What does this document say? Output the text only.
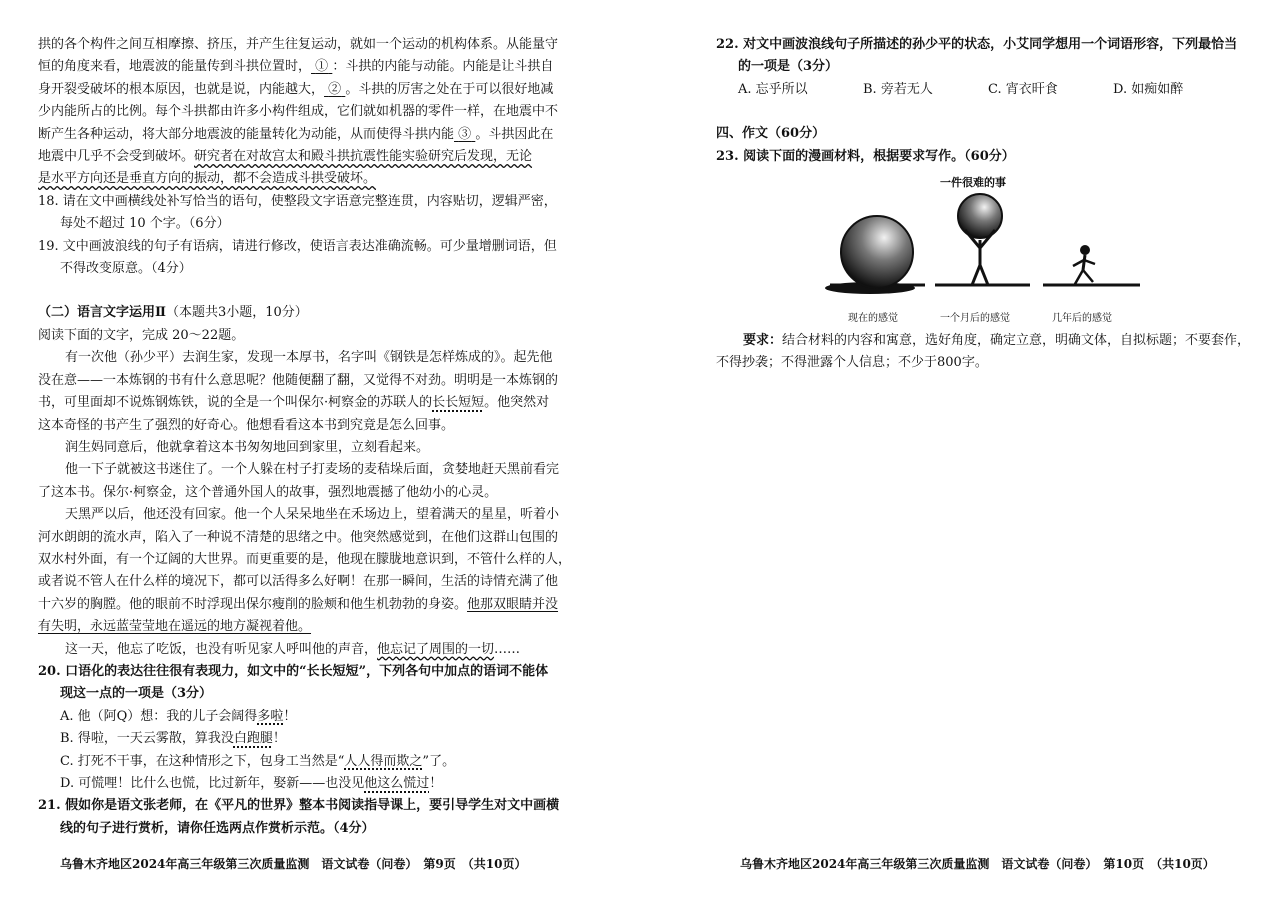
拱的各个构件之间互相摩擦、挤压，并产生往复运动，就如一个运动的机构体系。从能量守
恒的角度来看，地震波的能量传到斗拱位置时， ① ：斗拱的内能与动能。内能是让斗拱自
身开裂受破坏的根本原因，也就是说，内能越大， ② 。斗拱的厉害之处在于可以很好地减
少内能所占的比例。每个斗拱都由许多小构件组成，它们就如机器的零件一样，在地震中不
断产生各种运动，将大部分地震波的能量转化为动能，从而使得斗拱内能 ③ 。斗拱因此在
地震中几乎不会受到破坏。研究者在对故宫太和殿斗拱抗震性能实验研究后发现，无论
是水平方向还是垂直方向的振动，都不会造成斗拱受破坏。
18. 请在文中画横线处补写恰当的语句，使整段文字语意完整连贯，内容贴切，逻辑严密，
每处不超过 10 个字。（6分）
19. 文中画波浪线的句子有语病，请进行修改，使语言表达准确流畅。可少量增删词语，但
不得改变原意。（4分）
（二）语言文字运用Ⅱ（本题共3小题，10分）
阅读下面的文字，完成 20～22题。
有一次他（孙少平）去润生家，发现一本厚书，名字叫《钢铁是怎样炼成的》。起先他
没在意——一本炼钢的书有什么意思呢？他随便翻了翻，又觉得不对劲。明明是一本炼钢的
书，可里面却不说炼钢炼铁，说的全是一个叫保尔·柯察金的苏联人的长长短短。他突然对
这本奇怪的书产生了强烈的好奇心。他想看看这本书到究竟是怎么回事。
润生妈同意后，他就拿着这本书匆匆地回到家里，立刻看起来。
他一下子就被这书迷住了。一个人躲在村子打麦场的麦秸垛后面，贪婪地赶天黑前看完
了这本书。保尔·柯察金，这个普通外国人的故事，强烈地震撼了他幼小的心灵。
天黑严以后，他还没有回家。他一个人呆呆地坐在禾场边上，望着满天的星星，听着小
河水朗朗的流水声，陷入了一种说不清楚的思绪之中。他突然感觉到，在他们这群山包围的
双水村外面，有一个辽阔的大世界。而更重要的是，他现在朦胧地意识到，不管什么样的人，
或者说不管人在什么样的境况下，都可以活得多么好啊！在那一瞬间，生活的诗情充满了他
十六岁的胸膛。他的眼前不时浮现出保尔瘦削的脸颊和他生机勃勃的身姿。他那双眼睛并没
有失明，永远蓝莹莹地在遥远的地方凝视着他。
这一天，他忘了吃饭，也没有听见家人呼叫他的声音，他忘记了周围的一切……
20. 口语化的表达往往很有表现力，如文中的“长长短短”，下列各句中加点的语词不能体
现这一点的一项是（3分）
A. 他（阿Q）想：我的儿子会阔得多啦！
B. 得啦，一天云雾散，算我没白跑腿！
C. 打死不干事，在这种情形之下，包身工当然是“人人得而欺之”了。
D. 可慌哩！比什么也慌，比过新年，娶新——也没见他这么慌过！
21. 假如你是语文张老师，在《平凡的世界》整本书阅读指导课上，要引导学生对文中画横
线的句子进行赏析，请你任选两点作赏析示范。（4分）
乌鲁木齐地区2024年高三年级第三次质量监测　语文试卷（问卷）　第9页　（共10页）
22. 对文中画波浪线句子所描述的孙少平的状态，小艾同学想用一个词语形容，下列最恰当
的一项是（3分）
A. 忘乎所以	B. 旁若无人	C. 宵衣旰食	D. 如痴如醉
四、作文（60分）
23. 阅读下面的漫画材料，根据要求写作。（60分）
一件很难的事
现在的感觉	一个月后的感觉	几年后的感觉
要求：结合材料的内容和寓意，选好角度，确定立意，明确文体，自拟标题；不要套作，
不得抄袭；不得泄露个人信息；不少于800字。
乌鲁木齐地区2024年高三年级第三次质量监测　语文试卷（问卷）　第10页　（共10页）
